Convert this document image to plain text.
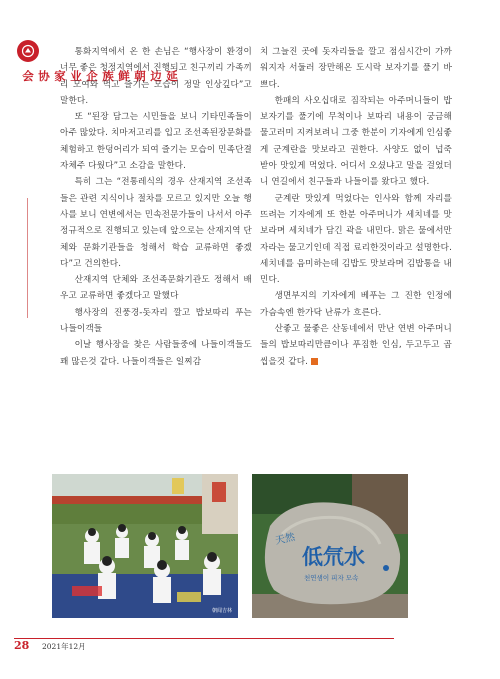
延边朝鲜族企业家协会

통화지역에서 온 한 손님은 “행사장이 환경이 너무 좋은 청정지역에서 진행되고 친구끼리 가족끼리 모여와 먹고 즐기는 모습이 정말 인상깊다”고 말한다.

또 “된장 담그는 시민들을 보니 기타민족들이 아주 많았다. 치마저고리를 입고 조선족된장문화를 체험하고 한덩어리가 되여 즐기는 모습이 민족단결자체주 다웠다”고 소감을 말한다.

특히 그는 “전통레식의 경우 산재지역 조선족들은 관련 지식이나 절차를 모르고 있지만 오늘 행사를 보니 연변에서는 민속전문가들이 나서서 아주 정규적으로 진행되고 있는데 앞으로는 산재지역 단체와 문화기관들을 청해서 학습 교류하면 좋겠다”고 건의한다.

산재지역 단체와 조선족문화기관도 정해서 배우고 교류하면 좋겠다고 말했다

행사장의 진풍경-돗자리 깔고 밥보따리 푸는 나들이객들

이날 행사장을 찾은 사람들중에 나들이객들도 꽤 많은것 같다. 나들이객들은 일찌감

치 그늘진 곳에 돗자리들을 깔고 점심시간이 가까워지자 서둘러 장만해온 도시락 보자기를 풀기 바쁘다.

한패의 사오십대로 짐작되는 아주머니들이 밥보자기를 풀기에 무척이나 보따리 내용이 궁금해 물고러미 지켜보려니 그중 한분이 기자에게 인심좋게 군계란을 맛보라고 권한다. 사양도 없이 넙죽 받아 맛있게 먹었다. 어디서 오셨냐고 말을 걸었더니 연길에서 친구들과 나들이를 왔다고 했다.

군계란 맛있게 먹었다는 인사와 함께 자리를 뜨려는 기자에게 또 한분 아주머니가 세치네를 맛보라며 세치네가 담긴 곽을 내민다. 맑은 물에서만 자라는 물고기인데 직접 료리한것이라고 설명한다. 세치네를 음미하는데 김밥도 맛보라며 김밥통을 내민다.

생면부지의 기자에게 베푸는 그 진한 인정에 가슴속엔 한가닥 난류가 흐른다.

산좋고 물좋은 산동네에서 만난 연변 아주머니들의 밥보따리만큼이나 푸짐한 인심, 두고두고 곱씹을것 같다.

朝闻吉林
天然
低氘水
천연샘이 피자 모속
28 2021年12月
